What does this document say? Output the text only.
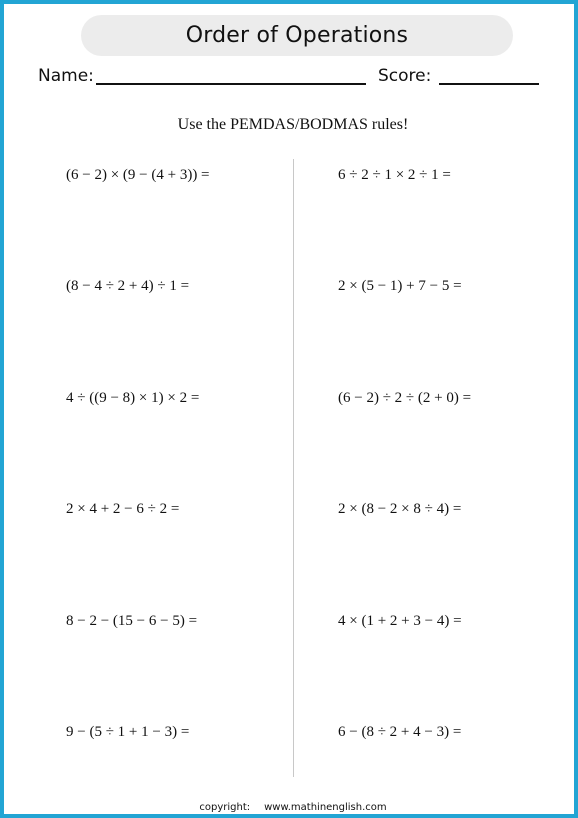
Order of Operations
Name:	Score:
Use the PEMDAS/BODMAS rules!
(6 − 2) × (9 − (4 + 3)) =
(8 − 4 ÷ 2 + 4) ÷ 1 =
4 ÷ ((9 − 8) × 1) × 2 =
2 × 4 + 2 − 6 ÷ 2 =
8 − 2 − (15 − 6 − 5) =
9 − (5 ÷ 1 + 1 − 3) =
6 ÷ 2 ÷ 1 × 2 ÷ 1 =
2 × (5 − 1) + 7 − 5 =
(6 − 2) ÷ 2 ÷ (2 + 0) =
2 × (8 − 2 × 8 ÷ 4) =
4 × (1 + 2 + 3 − 4) =
6 − (8 ÷ 2 + 4 − 3) =
copyright: www.mathinenglish.com
